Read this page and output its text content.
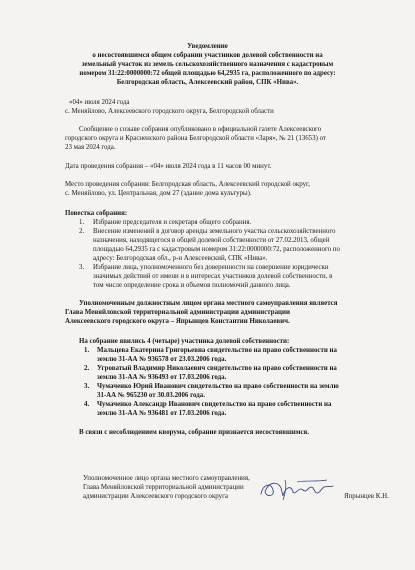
Уведомление
о несостоявшимся общем собрании участников долевой собственности на
земельный участок из земель сельскохозяйственного назначения с кадастровым
номером 31:22:0000000:72 общей площадью 64,2935 га, расположенного по адресу:
Белгородская область, Алексеевский район, СПК «Нива».
«04» июля 2024 года
с. Меняйлово, Алексеевского городского округа, Белгородской области
Сообщение о созыве собрания опубликовано в официальной газете Алексеевского
городского округа и Красненского района Белгородской области «Заря», № 21 (13653) от
23 мая 2024 года.
Дата проведения собрания – «04» июля 2024 года в 11 часов 00 минут.
Место проведения собрания: Белгородская область, Алексеевский городской округ,
с. Меняйлово, ул. Центральная, дом 27 (здание дома культуры).
Повестка собрания:
1. Избрание председателя и секретаря общего собрания.
2. Внесение изменений в договор аренды земельного участка сельскохозяйственного
назначения, находящегося в общей долевой собственности от 27.02.2013, общей
площадью 64,2935 га с кадастровым номером 31:22:0000000:72, расположенного по
адресу: Белгородская обл., р-н Алексеевский, СПК «Нива».
3. Избрание лица, уполномоченного без доверенности на совершение юридически
значимых действий от имени и в интересах участников долевой собственности, в
том числе определение срока и объемов полномочий данного лица.
Уполномоченным должностным лицом органа местного самоуправления является
Глава Меняйловской территориальной администрации администрации
Алексеевского городского округа – Япрынцев Константин Николаевич.
На собрание явились 4 (четыре) участника долевой собственности:
1. Мальцева Екатерина Григорьевна свидетельство на право собственности на
землю 31-АА № 936578 от 23.03.2006 года.
2. Угроватый Владимир Николаевич свидетельство на право собственности на
землю 31-АА № 936493 от 17.03.2006 года.
3. Чумаченко Юрий Иванович свидетельство на право собственности на землю
31-АА № 965230 от 30.03.2006 года.
4. Чумаченко Александр Иванович свидетельство на право собственности на
землю 31-АА № 936481 от 17.03.2006 года.
В связи с несоблюдением кворума, собрание признается несостоявшимся.
Уполномоченное лицо органа местного самоуправления,
Глава Меняйловской территориальной администрации
администрации Алексеевского городского округа	Япрынцев К.Н.
